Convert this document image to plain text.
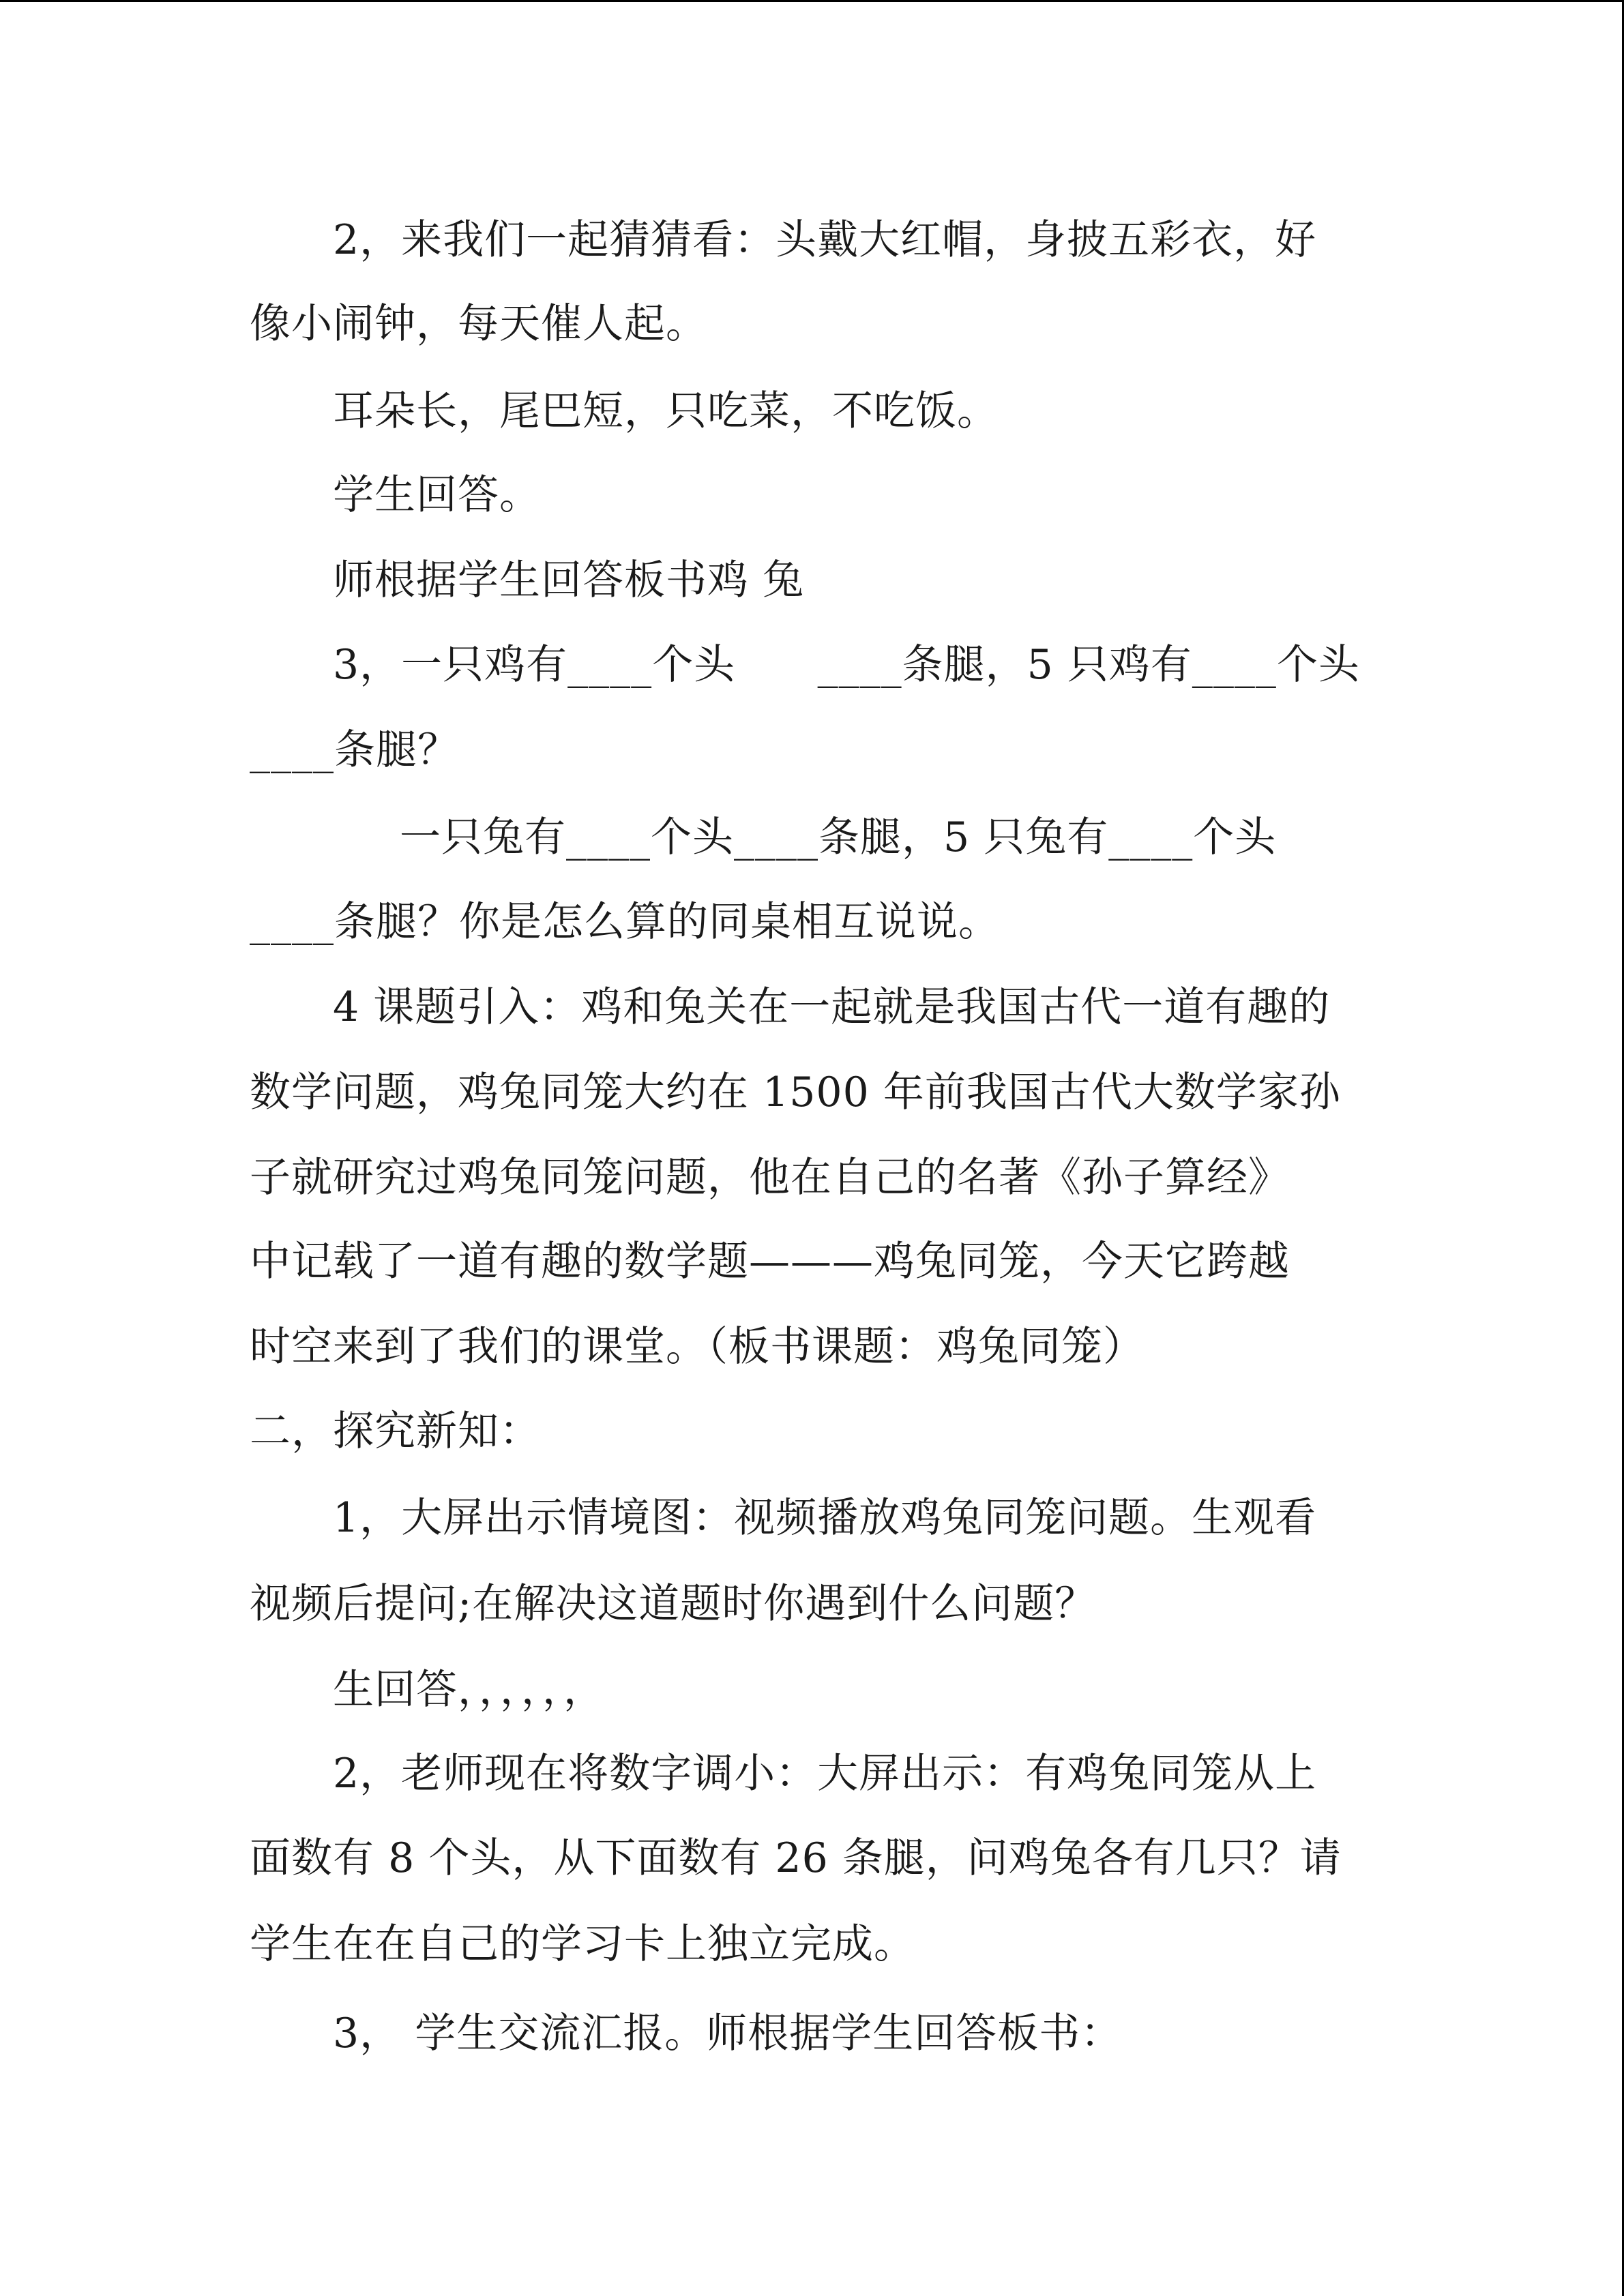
2，来我们一起猜猜看：头戴大红帽，身披五彩衣，好
像小闹钟，每天催人起。
耳朵长，尾巴短，只吃菜，不吃饭。
学生回答。
师根据学生回答板书鸡 兔
3，一只鸡有____个头      ____条腿，5 只鸡有____个头
____条腿？
一只兔有____个头____条腿，5 只兔有____个头
____条腿？你是怎么算的同桌相互说说。
4 课题引入：鸡和兔关在一起就是我国古代一道有趣的
数学问题，鸡兔同笼大约在 1500 年前我国古代大数学家孙
子就研究过鸡兔同笼问题，他在自己的名著《孙子算经》
中记载了一道有趣的数学题———鸡兔同笼，今天它跨越
时空来到了我们的课堂。（板书课题：鸡兔同笼）
二，探究新知：
1，大屏出示情境图：视频播放鸡兔同笼问题。生观看
视频后提问;在解决这道题时你遇到什么问题？
生回答，，，，，，
2，老师现在将数字调小：大屏出示：有鸡兔同笼从上
面数有 8 个头，从下面数有 26 条腿，问鸡兔各有几只？请
学生在在自己的学习卡上独立完成。
3， 学生交流汇报。师根据学生回答板书：
